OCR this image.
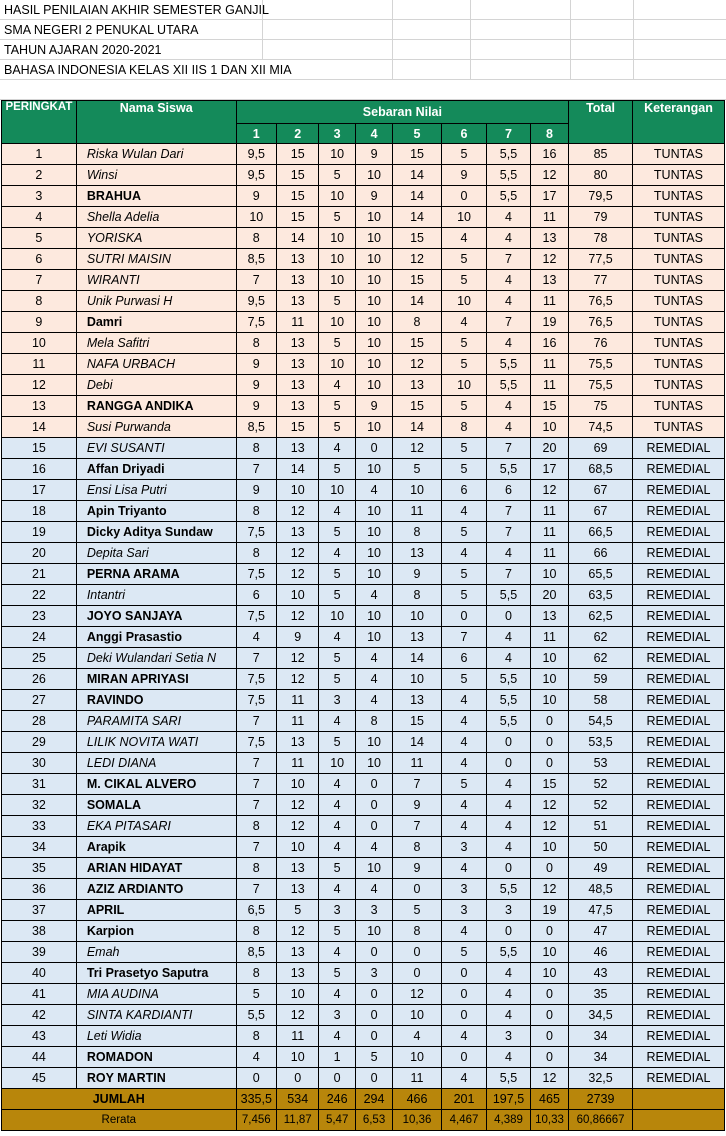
HASIL PENILAIAN AKHIR SEMESTER GANJIL
SMA NEGERI 2 PENUKAL UTARA
TAHUN AJARAN 2020-2021
BAHASA INDONESIA KELAS XII IIS 1 DAN XII MIA
PERINGKAT	Nama Siswa	Sebaran Nilai								Total	Keterangan
		1	2	3	4	5	6	7	8		
1	Riska Wulan Dari	9,5	15	10	9	15	5	5,5	16	85	TUNTAS
2	Winsi	9,5	15	5	10	14	9	5,5	12	80	TUNTAS
3	BRAHUA	9	15	10	9	14	0	5,5	17	79,5	TUNTAS
4	Shella Adelia	10	15	5	10	14	10	4	11	79	TUNTAS
5	YORISKA	8	14	10	10	15	4	4	13	78	TUNTAS
6	SUTRI MAISIN	8,5	13	10	10	12	5	7	12	77,5	TUNTAS
7	WIRANTI	7	13	10	10	15	5	4	13	77	TUNTAS
8	Unik Purwasi H	9,5	13	5	10	14	10	4	11	76,5	TUNTAS
9	Damri	7,5	11	10	10	8	4	7	19	76,5	TUNTAS
10	Mela Safitri	8	13	5	10	15	5	4	16	76	TUNTAS
11	NAFA URBACH	9	13	10	10	12	5	5,5	11	75,5	TUNTAS
12	Debi	9	13	4	10	13	10	5,5	11	75,5	TUNTAS
13	RANGGA ANDIKA	9	13	5	9	15	5	4	15	75	TUNTAS
14	Susi Purwanda	8,5	15	5	10	14	8	4	10	74,5	TUNTAS
15	EVI SUSANTI	8	13	4	0	12	5	7	20	69	REMEDIAL
16	Affan Driyadi	7	14	5	10	5	5	5,5	17	68,5	REMEDIAL
17	Ensi Lisa Putri	9	10	10	4	10	6	6	12	67	REMEDIAL
18	Apin Triyanto	8	12	4	10	11	4	7	11	67	REMEDIAL
19	Dicky Aditya Sundaw	7,5	13	5	10	8	5	7	11	66,5	REMEDIAL
20	Depita Sari	8	12	4	10	13	4	4	11	66	REMEDIAL
21	PERNA ARAMA	7,5	12	5	10	9	5	7	10	65,5	REMEDIAL
22	Intantri	6	10	5	4	8	5	5,5	20	63,5	REMEDIAL
23	JOYO SANJAYA	7,5	12	10	10	10	0	0	13	62,5	REMEDIAL
24	Anggi Prasastio	4	9	4	10	13	7	4	11	62	REMEDIAL
25	Deki Wulandari Setia N	7	12	5	4	14	6	4	10	62	REMEDIAL
26	MIRAN APRIYASI	7,5	12	5	4	10	5	5,5	10	59	REMEDIAL
27	RAVINDO	7,5	11	3	4	13	4	5,5	10	58	REMEDIAL
28	PARAMITA SARI	7	11	4	8	15	4	5,5	0	54,5	REMEDIAL
29	LILIK NOVITA WATI	7,5	13	5	10	14	4	0	0	53,5	REMEDIAL
30	LEDI DIANA	7	11	10	10	11	4	0	0	53	REMEDIAL
31	M. CIKAL ALVERO	7	10	4	0	7	5	4	15	52	REMEDIAL
32	SOMALA	7	12	4	0	9	4	4	12	52	REMEDIAL
33	EKA PITASARI	8	12	4	0	7	4	4	12	51	REMEDIAL
34	Arapik	7	10	4	4	8	3	4	10	50	REMEDIAL
35	ARIAN HIDAYAT	8	13	5	10	9	4	0	0	49	REMEDIAL
36	AZIZ ARDIANTO	7	13	4	4	0	3	5,5	12	48,5	REMEDIAL
37	APRIL	6,5	5	3	3	5	3	3	19	47,5	REMEDIAL
38	Karpion	8	12	5	10	8	4	0	0	47	REMEDIAL
39	Emah	8,5	13	4	0	0	5	5,5	10	46	REMEDIAL
40	Tri Prasetyo Saputra	8	13	5	3	0	0	4	10	43	REMEDIAL
41	MIA AUDINA	5	10	4	0	12	0	4	0	35	REMEDIAL
42	SINTA KARDIANTI	5,5	12	3	0	10	0	4	0	34,5	REMEDIAL
43	Leti Widia	8	11	4	0	4	4	3	0	34	REMEDIAL
44	ROMADON	4	10	1	5	10	0	4	0	34	REMEDIAL
45	ROY MARTIN	0	0	0	0	11	4	5,5	12	32,5	REMEDIAL
JUMLAH		335,5	534	246	294	466	201	197,5	465	2739	
Rerata		7,456	11,87	5,47	6,53	10,36	4,467	4,389	10,33	60,86667	
